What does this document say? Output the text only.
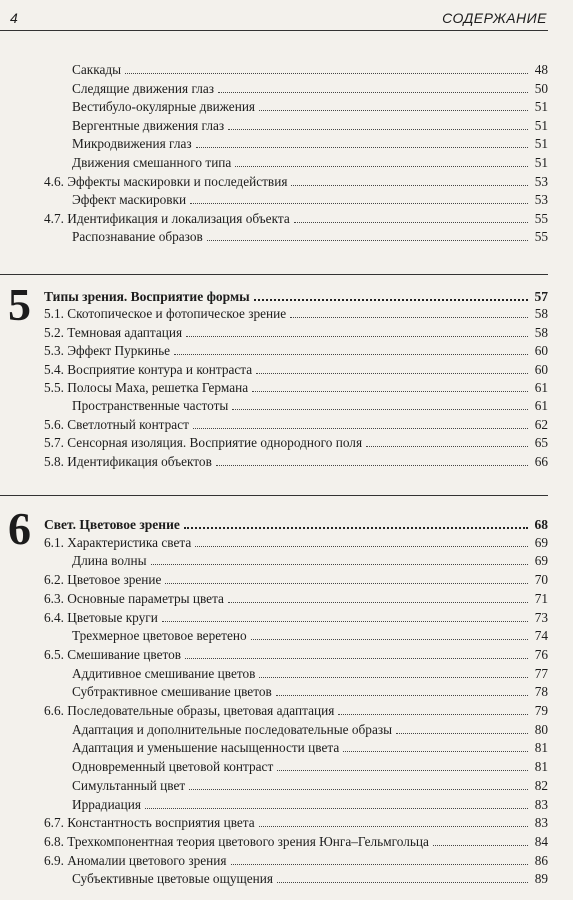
4	СОДЕРЖАНИЕ
Саккады	48
Следящие движения глаз	50
Вестибуло-окулярные движения	51
Вергентные движения глаз	51
Микродвижения глаз	51
Движения смешанного типа	51
4.6. Эффекты маскировки и последействия	53
Эффект маскировки	53
4.7. Идентификация и локализация объекта	55
Распознавание образов	55
5 Типы зрения. Восприятие формы	57
5.1. Скотопическое и фотопическое зрение	58
5.2. Темновая адаптация	58
5.3. Эффект Пуркинье	60
5.4. Восприятие контура и контраста	60
5.5. Полосы Маха, решетка Германа	61
Пространственные частоты	61
5.6. Светлотный контраст	62
5.7. Сенсорная изоляция. Восприятие однородного поля	65
5.8. Идентификация объектов	66
6 Свет. Цветовое зрение	68
6.1. Характеристика света	69
Длина волны	69
6.2. Цветовое зрение	70
6.3. Основные параметры цвета	71
6.4. Цветовые круги	73
Трехмерное цветовое веретено	74
6.5. Смешивание цветов	76
Аддитивное смешивание цветов	77
Субтрактивное смешивание цветов	78
6.6. Последовательные образы, цветовая адаптация	79
Адаптация и дополнительные последовательные образы	80
Адаптация и уменьшение насыщенности цвета	81
Одновременный цветовой контраст	81
Симультанный цвет	82
Иррадиация	83
6.7. Константность восприятия цвета	83
6.8. Трехкомпонентная теория цветового зрения Юнга–Гельмгольца	84
6.9. Аномалии цветового зрения	86
Субъективные цветовые ощущения	89
